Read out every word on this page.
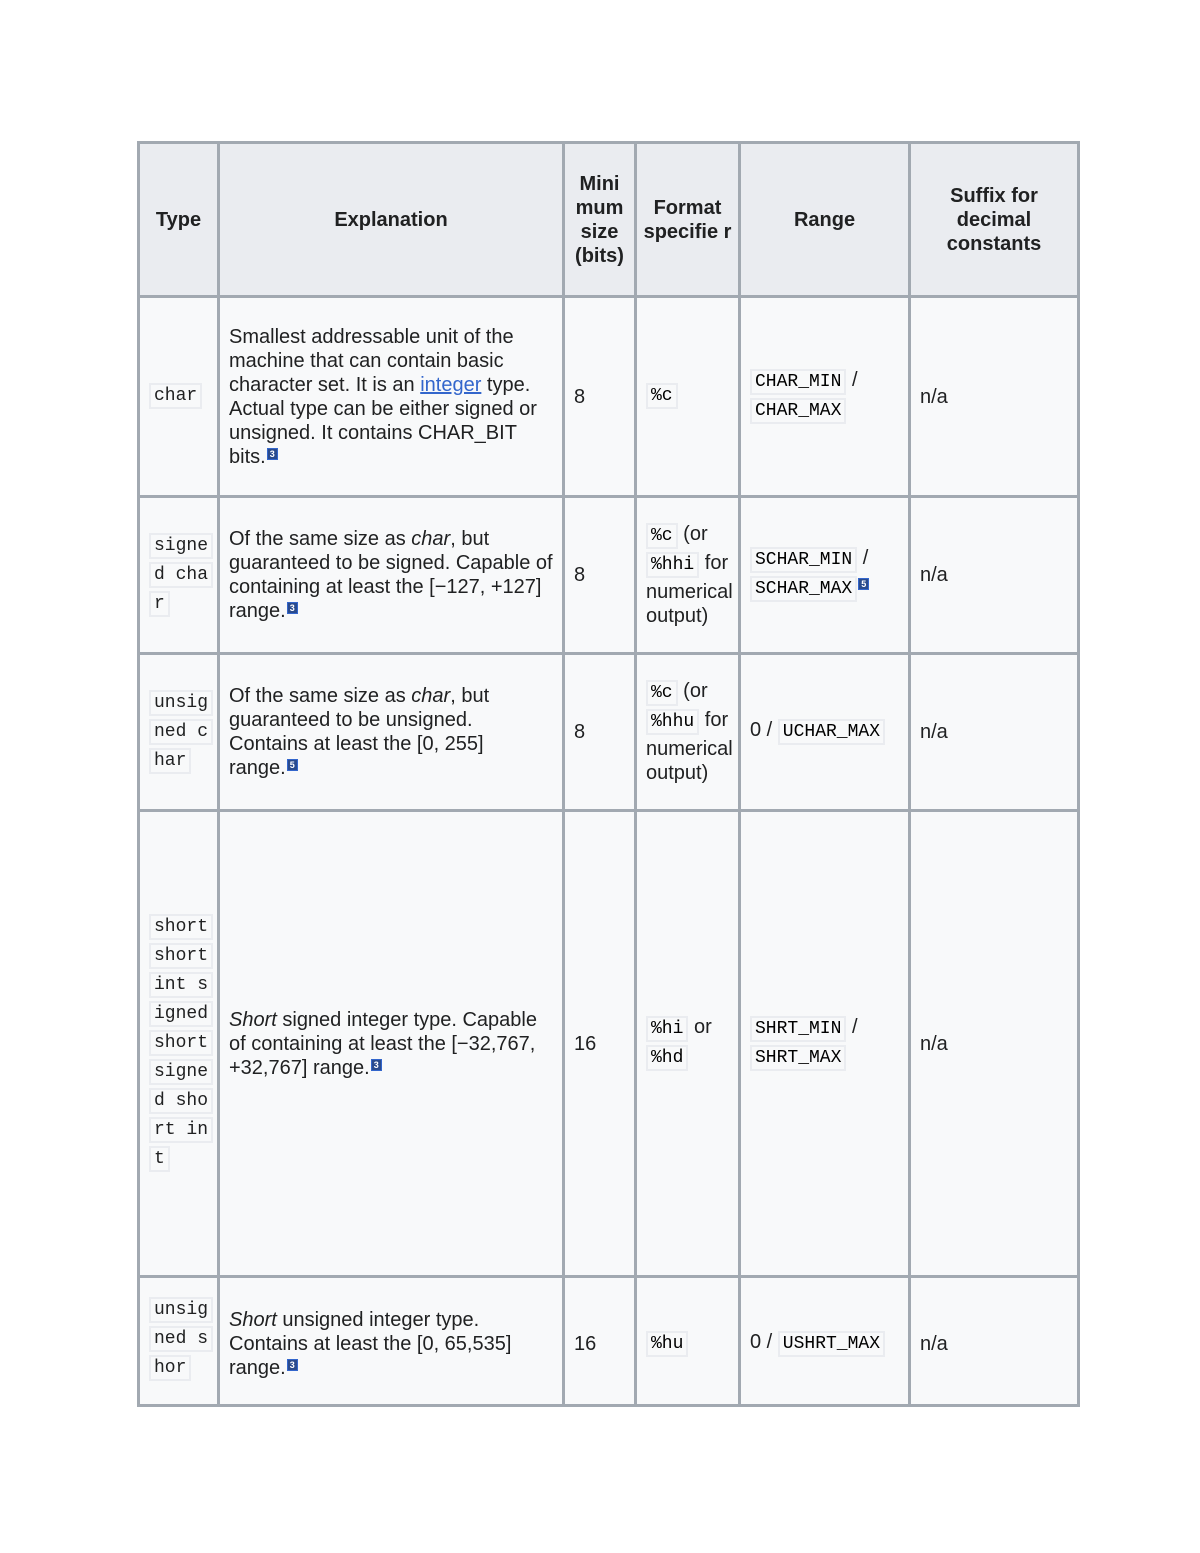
Type	Explanation	Mini mum size (bits)	Format specifie r	Range	Suffix for decimal constants

char	Smallest addressable unit of the machine that can contain basic character set. It is an integer type. Actual type can be either signed or unsigned. It contains CHAR_BIT bits. $^3$	8	%c	CHAR_MIN / CHAR_MAX	n/a

signed char	Of the same size as char, but guaranteed to be signed. Capable of containing at least the [−127, +127] range. $^3$	8	%c (or %hhi for numerical output)	SCHAR_MIN / SCHAR_MAX $^5$	n/a

unsigned char	Of the same size as char, but guaranteed to be unsigned. Contains at least the [0, 255] range. $^5$	8	%c (or %hhu for numerical output)	0 / UCHAR_MAX	n/a

short short int signed short signed short int	Short signed integer type. Capable of containing at least the [−32,767, +32,767] range. $^3$	16	%hi or %hd	SHRT_MIN / SHRT_MAX	n/a

unsigned shor	Short unsigned integer type. Contains at least the [0, 65,535] range. $^3$	16	%hu	0 / USHRT_MAX	n/a
